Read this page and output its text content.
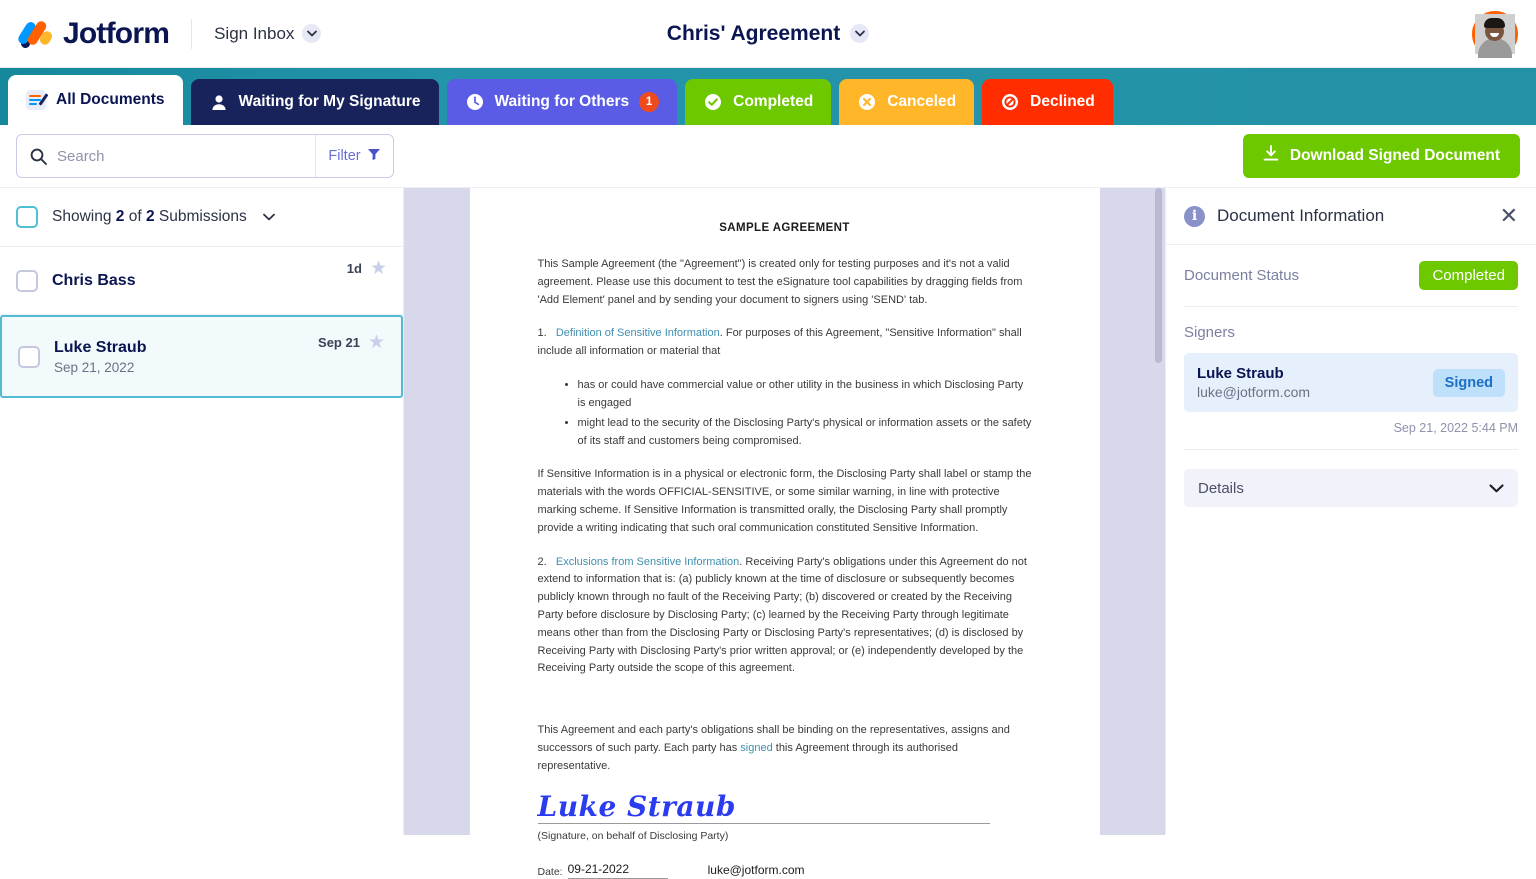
Jotform	Sign Inbox	Chris' Agreement
All Documents	Waiting for My Signature	Waiting for Others	1	Completed	Canceled	Declined
Search
Filter	Download Signed Document
Showing 2 of 2 Submissions
Chris Bass
1d ★
Luke Straub
Sep 21, 2022
Sep 21 ★
SAMPLE AGREEMENT

This Sample Agreement (the "Agreement") is created only for testing purposes and it's not a valid agreement. Please use this document to test the eSignature tool capabilities by dragging fields from 'Add Element' panel and by sending your document to signers using 'SEND' tab.

1. Definition of Sensitive Information. For purposes of this Agreement, "Sensitive Information" shall include all information or material that

• has or could have commercial value or other utility in the business in which Disclosing Party is engaged
• might lead to the security of the Disclosing Party's physical or information assets or the safety of its staff and customers being compromised.

If Sensitive Information is in a physical or electronic form, the Disclosing Party shall label or stamp the materials with the words OFFICIAL-SENSITIVE, or some similar warning, in line with protective marking scheme. If Sensitive Information is transmitted orally, the Disclosing Party shall promptly provide a writing indicating that such oral communication constituted Sensitive Information.

2. Exclusions from Sensitive Information. Receiving Party's obligations under this Agreement do not extend to information that is: (a) publicly known at the time of disclosure or subsequently becomes publicly known through no fault of the Receiving Party; (b) discovered or created by the Receiving Party before disclosure by Disclosing Party; (c) learned by the Receiving Party through legitimate means other than from the Disclosing Party or Disclosing Party's representatives; (d) is disclosed by Receiving Party with Disclosing Party's prior written approval; or (e) independently developed by the Receiving Party outside the scope of this agreement.

This Agreement and each party's obligations shall be binding on the representatives, assigns and successors of such party. Each party has signed this Agreement through its authorised representative.

Luke Straub
(Signature, on behalf of Disclosing Party)
Date: 09-21-2022	luke@jotform.com
i	Document Information	✕
Document Status	Completed
Signers
Luke Straub
luke@jotform.com
Signed
Sep 21, 2022 5:44 PM
Details
